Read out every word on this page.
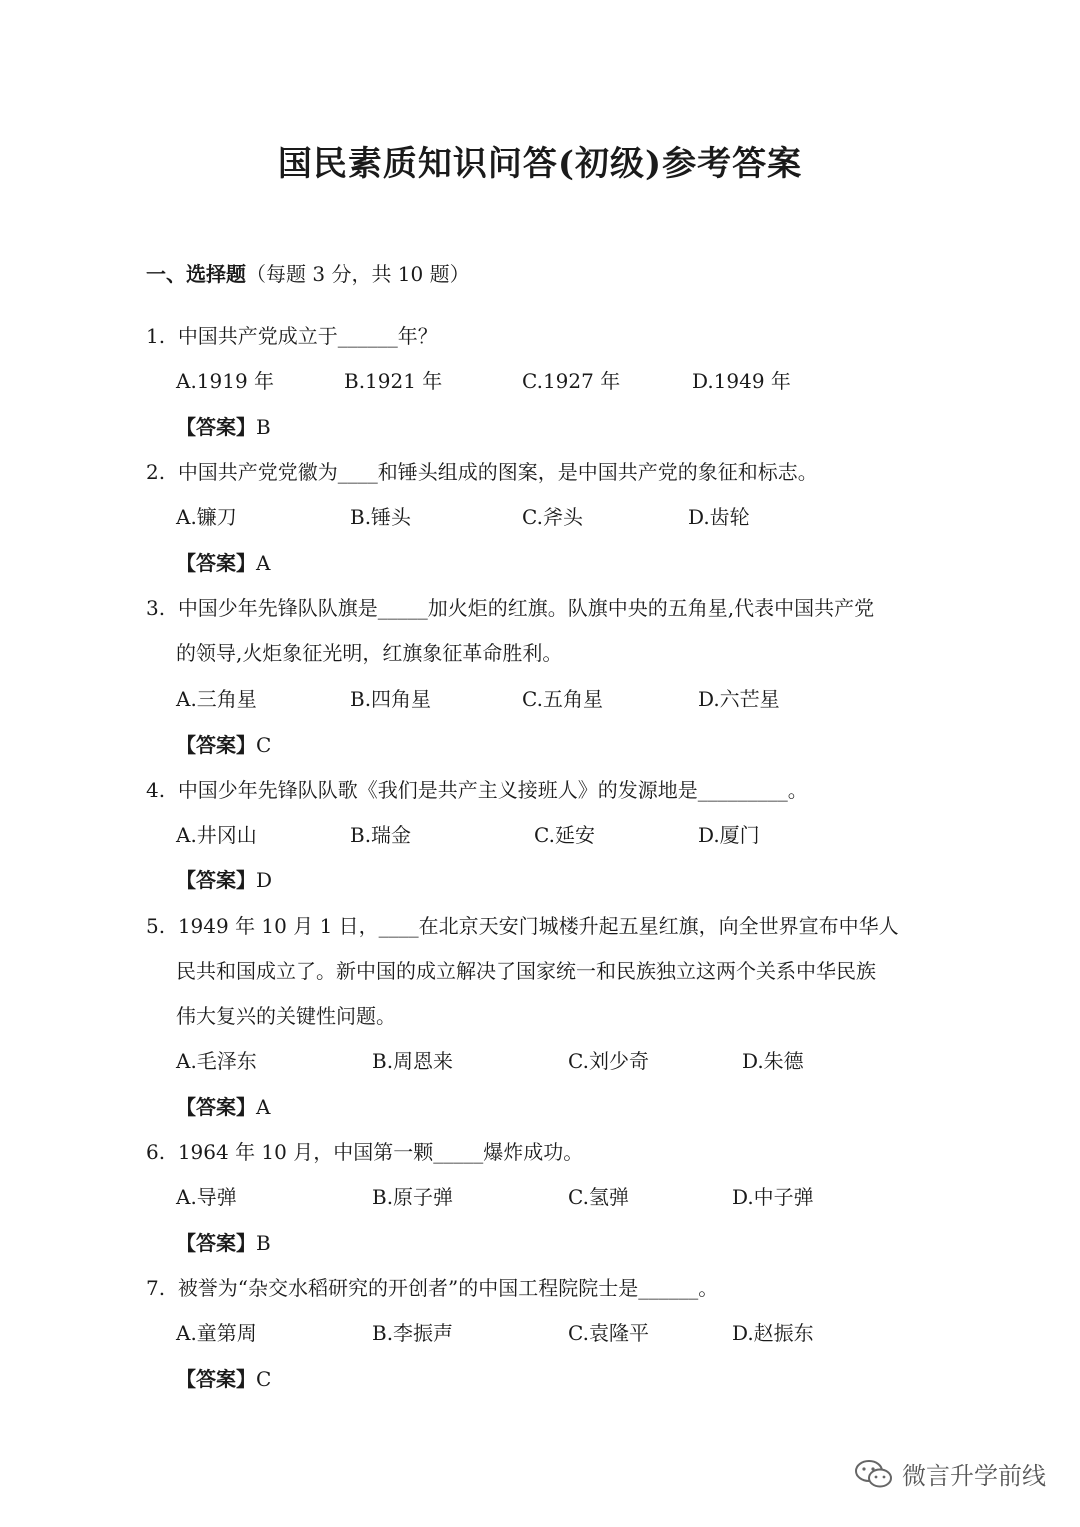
国民素质知识问答(初级)参考答案
一、选择题（每题 3 分，共 10 题）
1. 中国共产党成立于______年？
A.1919 年	B.1921 年	C.1927 年	D.1949 年
【答案】B
2. 中国共产党党徽为____和锤头组成的图案，是中国共产党的象征和标志。
A.镰刀	B.锤头	C.斧头	D.齿轮
【答案】A
3. 中国少年先锋队队旗是_____加火炬的红旗。队旗中央的五角星,代表中国共产党
的领导,火炬象征光明，红旗象征革命胜利。
A.三角星	B.四角星	C.五角星	D.六芒星
【答案】C
4. 中国少年先锋队队歌《我们是共产主义接班人》的发源地是_________。
A.井冈山	B.瑞金	C.延安	D.厦门
【答案】D
5. 1949 年 10 月 1 日，____在北京天安门城楼升起五星红旗，向全世界宣布中华人
民共和国成立了。新中国的成立解决了国家统一和民族独立这两个关系中华民族
伟大复兴的关键性问题。
A.毛泽东	B.周恩来	C.刘少奇	D.朱德
【答案】A
6. 1964 年 10 月，中国第一颗_____爆炸成功。
A.导弹	B.原子弹	C.氢弹	D.中子弹
【答案】B
7. 被誉为“杂交水稻研究的开创者”的中国工程院院士是______。
A.童第周	B.李振声	C.袁隆平	D.赵振东
【答案】C
微言升学前线
